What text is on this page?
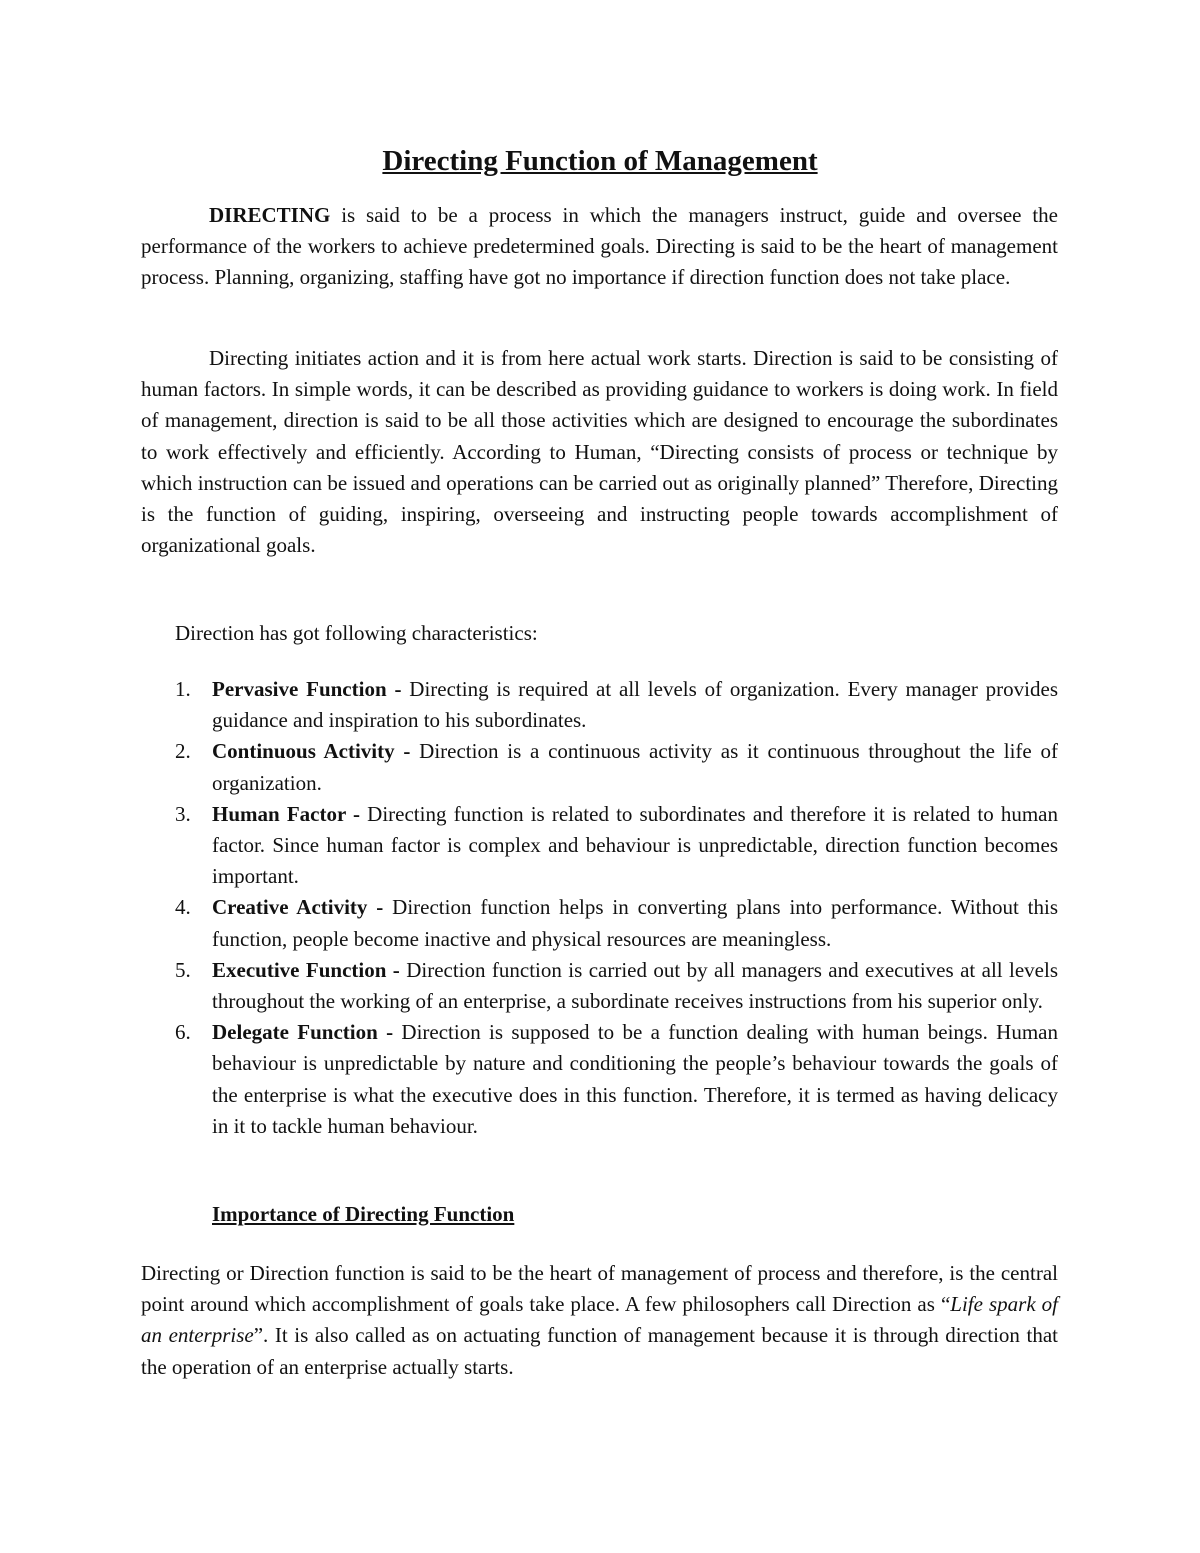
Directing Function of Management
DIRECTING is said to be a process in which the managers instruct, guide and oversee the performance of the workers to achieve predetermined goals. Directing is said to be the heart of management process. Planning, organizing, staffing have got no importance if direction function does not take place.
Directing initiates action and it is from here actual work starts. Direction is said to be consisting of human factors. In simple words, it can be described as providing guidance to workers is doing work. In field of management, direction is said to be all those activities which are designed to encourage the subordinates to work effectively and efficiently. According to Human, “Directing consists of process or technique by which instruction can be issued and operations can be carried out as originally planned” Therefore, Directing is the function of guiding, inspiring, overseeing and instructing people towards accomplishment of organizational goals.
Direction has got following characteristics:
1. Pervasive Function - Directing is required at all levels of organization. Every manager provides guidance and inspiration to his subordinates.
2. Continuous Activity - Direction is a continuous activity as it continuous throughout the life of organization.
3. Human Factor - Directing function is related to subordinates and therefore it is related to human factor. Since human factor is complex and behaviour is unpredictable, direction function becomes important.
4. Creative Activity - Direction function helps in converting plans into performance. Without this function, people become inactive and physical resources are meaningless.
5. Executive Function - Direction function is carried out by all managers and executives at all levels throughout the working of an enterprise, a subordinate receives instructions from his superior only.
6. Delegate Function - Direction is supposed to be a function dealing with human beings. Human behaviour is unpredictable by nature and conditioning the people’s behaviour towards the goals of the enterprise is what the executive does in this function. Therefore, it is termed as having delicacy in it to tackle human behaviour.
Importance of Directing Function
Directing or Direction function is said to be the heart of management of process and therefore, is the central point around which accomplishment of goals take place. A few philosophers call Direction as “Life spark of an enterprise”. It is also called as on actuating function of management because it is through direction that the operation of an enterprise actually starts.
